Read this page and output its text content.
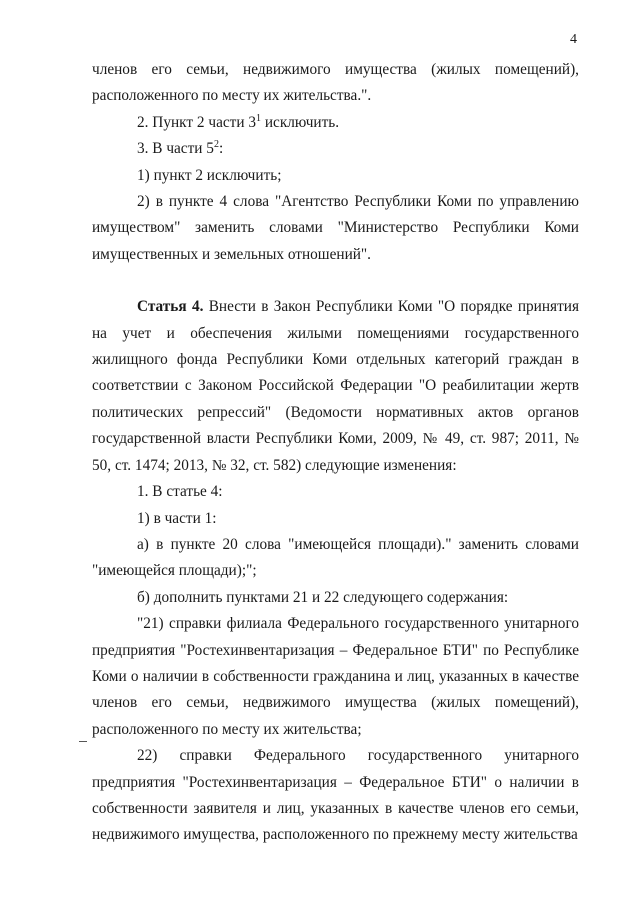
4

членов его семьи, недвижимого имущества (жилых помещений), расположенного по месту их жительства.".

2. Пункт 2 части $3^1$ исключить.

3. В части $5^2$:

1) пункт 2 исключить;

2) в пункте 4 слова "Агентство Республики Коми по управлению имуществом" заменить словами "Министерство Республики Коми имущественных и земельных отношений".

Статья 4. Внести в Закон Республики Коми "О порядке принятия на учет и обеспечения жилыми помещениями государственного жилищного фонда Республики Коми отдельных категорий граждан в соответствии с Законом Российской Федерации "О реабилитации жертв политических репрессий" (Ведомости нормативных актов органов государственной власти Республики Коми, 2009, № 49, ст. 987; 2011, № 50, ст. 1474; 2013, № 32, ст. 582) следующие изменения:

1. В статье 4:

1) в части 1:

а) в пункте 20 слова "имеющейся площади)." заменить словами "имеющейся площади);";

б) дополнить пунктами 21 и 22 следующего содержания:

"21) справки филиала Федерального государственного унитарного предприятия "Ростехинвентаризация – Федеральное БТИ" по Республике Коми о наличии в собственности гражданина и лиц, указанных в качестве членов его семьи, недвижимого имущества (жилых помещений), расположенного по месту их жительства;

22) справки Федерального государственного унитарного предприятия "Ростехинвентаризация – Федеральное БТИ" о наличии в собственности заявителя и лиц, указанных в качестве членов его семьи, недвижимого имущества, расположенного по прежнему месту жительства
